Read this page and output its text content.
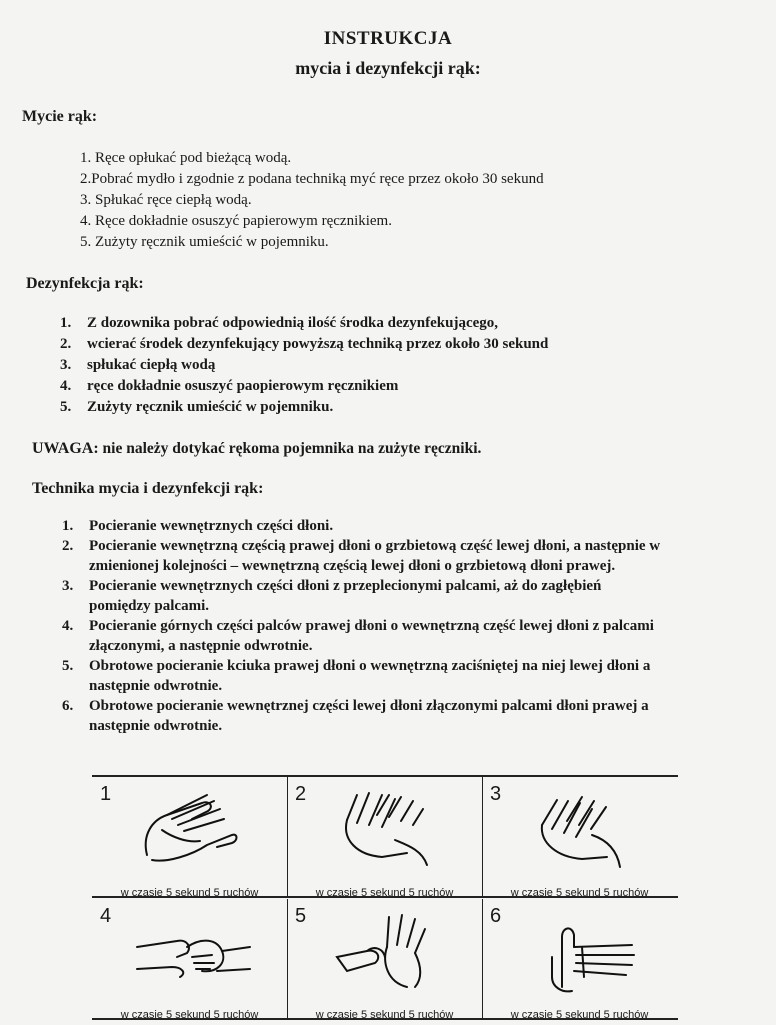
INSTRUKCJA
mycia i dezynfekcji rąk:
Mycie rąk:
1. Ręce opłukać pod bieżącą wodą.
2.Pobrać mydło i zgodnie z podana techniką myć ręce przez około 30 sekund
3. Spłukać ręce ciepłą wodą.
4. Ręce dokładnie osuszyć papierowym ręcznikiem.
5. Zużyty ręcznik umieścić w pojemniku.
Dezynfekcja rąk:
1. Z dozownika pobrać odpowiednią ilość środka dezynfekującego,
2. wcierać środek dezynfekujący powyższą techniką przez około 30 sekund
3. spłukać ciepłą wodą
4. ręce dokładnie osuszyć paopierowym ręcznikiem
5. Zużyty ręcznik umieścić w pojemniku.
UWAGA: nie należy dotykać rękoma pojemnika na zużyte ręczniki.
Technika mycia i dezynfekcji rąk:
1. Pocieranie wewnętrznych części dłoni.
2. Pocieranie wewnętrzną częścią prawej dłoni o grzbietową część lewej dłoni, a następnie w zmienionej kolejności – wewnętrzną częścią lewej dłoni o grzbietową dłoni prawej.
3. Pocieranie wewnętrznych części dłoni z przeplecionymi palcami, aż do zagłębień pomiędzy palcami.
4. Pocieranie górnych części palców prawej dłoni o wewnętrzną część lewej dłoni z palcami złączonymi, a następnie odwrotnie.
5. Obrotowe pocieranie kciuka prawej dłoni o wewnętrzną zaciśniętej na niej lewej dłoni a następnie odwrotnie.
6. Obrotowe pocieranie wewnętrznej części lewej dłoni złączonymi palcami dłoni prawej a następnie odwrotnie.
1
w czasie 5 sekund 5 ruchów
2
w czasie 5 sekund 5 ruchów
3
w czasie 5 sekund 5 ruchów
4
w czasie 5 sekund 5 ruchów
5
w czasie 5 sekund 5 ruchów
6
w czasie 5 sekund 5 ruchów
